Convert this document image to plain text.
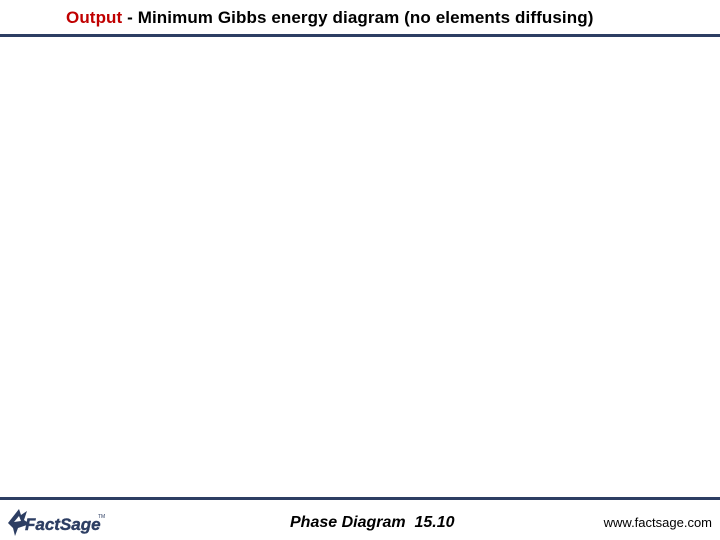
Output - Minimum Gibbs energy diagram (no elements diffusing)
FactSage
TM	Phase Diagram  15.10	www.factsage.com
